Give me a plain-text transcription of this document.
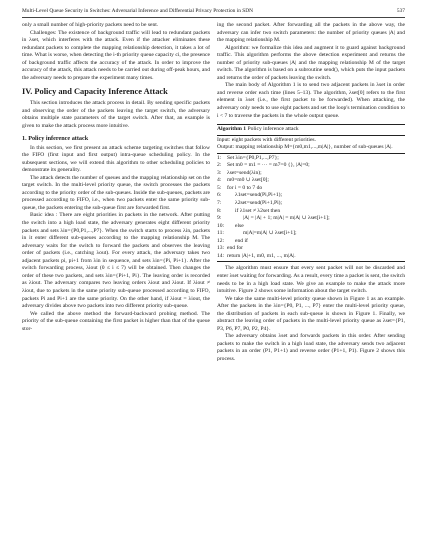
Multi-Level Queue Security in Switches: Adversarial Inference and Differential Privacy Protection in SDN	537

only a small number of high-priority packets need to be sent.

Challenges: The existence of background traffic will lead to redundant packets in λset, which interferes with the attack. Even if the attacker eliminates these redundant packets to complete the mapping relationship detection, it takes a lot of time. What is worse, when detecting the i-th priority queue capacity ci, the presence of background traffic affects the accuracy of the attack. In order to improve the accuracy of the attack, this attack needs to be carried out during off-peak hours, and the adversary needs to prepare the experiment many times.

IV. Policy and Capacity Inference Attack

This section introduces the attack process in detail. By sending specific packets and observing the order of the packets leaving the target switch, the adversary obtains multiple state parameters of the target switch. After that, an example is given to make the attack process more intuitive.

1. Policy inference attack

In this section, we first present an attack scheme targeting switches that follow the FIFO (first input and first output) intra-queue scheduling policy. In the subsequent sections, we will extend this algorithm to other scheduling policies to demonstrate its generality.

The attack detects the number of queues and the mapping relationship set on the target switch. In the multi-level priority queue, the switch processes the packets according to the priority order of the sub-queues. Inside the sub-queues, packets are processed according to FIFO, i.e., when two packets enter the same priority sub-queue, the packets entering the sub-queue first are forwarded first.

Basic idea : There are eight priorities in packets in the network. After putting the switch into a high load state, the adversary generates eight different priority packets and sets λin={P0,P1,...,P7}. When the switch starts to process λin, packets in it enter different sub-queues according to the mapping relationship M. The adversary waits for the switch to forward the packets and observes the leaving order of packets (i.e., catching λout). For every attack, the adversary takes two adjacent packets pi, pi+1 from λin in sequence, and sets λin={Pi, Pi+1}. After the switch forwarding process, λiout (0 ≤ i ≤ 7) will be obtained. Then changes the order of these two packets, and sets λin={Pi+1, Pi}. The leaving order is recorded as λiout. The adversary compares two leaving orders λiout and λiout. If λiout ≠ λiout, due to packets in the same priority sub-queue processed according to FIFO, packets Pi and Pi+1 are the same priority. On the other hand, if λiout = λiout, the adversary divides above two packets into two different priority sub-queue.

We called the above method the forward-backward probing method. The priority of the sub-queue containing the first packet is higher than that of the queue stor-

ing the second packet. After forwarding all the packets in the above way, the adversary can infer two switch parameters: the number of priority queues |A| and the mapping relationship M.

Algorithm: we formalize this idea and augment it to guard against background traffic. This algorithm performs the above detection experiment and returns the number of priority sub-queues |A| and the mapping relationship M of the target switch. The algorithm is based on a subroutine send(), which puts the input packets and returns the order of packets leaving the switch.

The main body of Algorithm 1 is to send two adjacent packets in λset in order and reverse order each time (lines 5–13). The algorithm, λset[0] refers to the first element in λset (i.e., the first packet to be forwarded). When attacking, the adversary only needs to use eight packets and set the loop's termination condition to i < 7 to traverse the packets in the whole output queue.

Algorithm 1 Policy inference attack
Input: eight packets with different priorities.
Output: mapping relationship M={m0,m1,...,m|A|}, number of sub-queues |A|.
1: Set λin={P0,P1,...,P7};
2: Set m0 = m1 = ··· = m7=0 {}, |A|=0;
3: λset=send(λin);
4: m0=m0 ∪ λset[0];
5: for i = 0 to 7 do
6: λ1set=send(Pi,Pi+1);
7: λ2set=send(Pi+1,Pi);
8: if λ1set ≠ λ2set then
9:	|A| = |A| + 1; m|A| = m|A| ∪ λset[i+1];
10: else
11:	m|A|=m|A| ∪ λset[i+1];
12: end if
13: end for
14: return |A|+1, m0, m1, ..., m|A|.

The algorithm must ensure that every sent packet will not be discarded and enter λset waiting for forwarding. As a result, every time a packet is sent, the switch needs to be in a high load state. We give an example to make the attack more intuitive. Figure 2 shows some information about the target switch.

We take the same multi-level priority queue shown in Figure 1 as an example. After the packets in the λin={P0, P1, ..., P7} enter the multi-level priority queue, the distribution of packets in each sub-queue is shown in Figure 1. Finally, we abstract the leaving order of packets in the multi-level priority queue as λset={P1, P3, P6, P7, P0, P2, P4}.

The adversary obtains λset and forwards packets in this order. After sending packets to make the switch in a high load state, the adversary sends two adjacent packets in an order (P1, P1+1) and reverse order (P1+1, P1). Figure 2 shows this process.
